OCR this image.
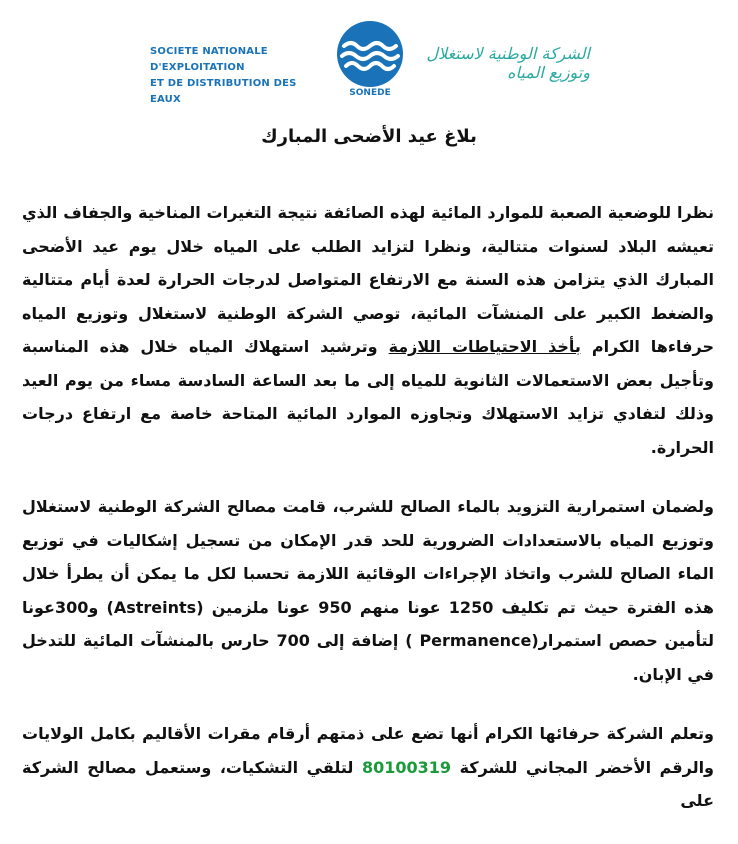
SOCIETE NATIONALE D'EXPLOITATION
ET DE DISTRIBUTION DES EAUX
SONEDE
الشركة الوطنية لاستغلال وتوزيع المياه
بلاغ عيد الأضحى المبارك

نظرا للوضعية الصعبة للموارد المائية لهذه الصائفة نتيجة التغيرات المناخية والجفاف الذي تعيشه البلاد لسنوات متتالية، ونظرا لتزايد الطلب على المياه خلال يوم عيد الأضحى المبارك الذي يتزامن هذه السنة مع الارتفاع المتواصل لدرجات الحرارة لعدة أيام متتالية والضغط الكبير على المنشآت المائية، توصي الشركة الوطنية لاستغلال وتوزيع المياه حرفاءها الكرام بأخذ الاحتياطات اللازمة وترشيد استهلاك المياه خلال هذه المناسبة وتأجيل بعض الاستعمالات الثانوية للمياه إلى ما بعد الساعة السادسة مساء من يوم العيد وذلك لتفادي تزايد الاستهلاك وتجاوزه الموارد المائية المتاحة خاصة مع ارتفاع درجات الحرارة.

ولضمان استمرارية التزويد بالماء الصالح للشرب، قامت مصالح الشركة الوطنية لاستغلال وتوزيع المياه بالاستعدادات الضرورية للحد قدر الإمكان من تسجيل إشكاليات في توزيع الماء الصالح للشرب واتخاذ الإجراءات الوقائية اللازمة تحسبا لكل ما يمكن أن يطرأ خلال هذه الفترة حيث تم تكليف 1250 عونا منهم 950 عونا ملزمين (Astreints) و300عونا لتأمين حصص استمرار(Permanence ) إضافة إلى 700 حارس بالمنشآت المائية للتدخل في الإبان.

وتعلم الشركة حرفائها الكرام أنها تضع على ذمتهم أرقام مقرات الأقاليم بكامل الولايات والرقم الأخضر المجاني للشركة 80100319 لتلقي التشكيات، وستعمل مصالح الشركة على
